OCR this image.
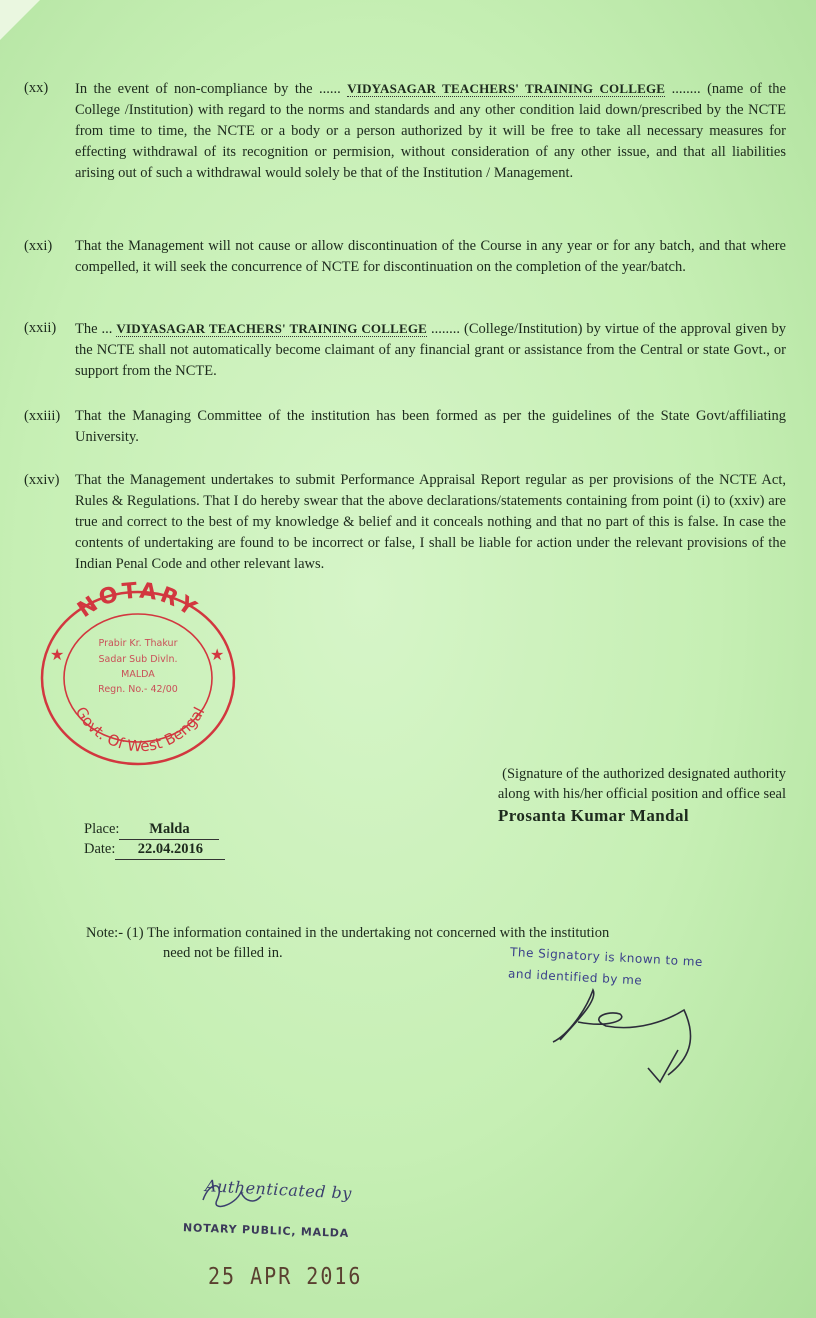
(xx) In the event of non-compliance by the ...... VIDYASAGAR TEACHERS' TRAINING COLLEGE ........ (name of the College /Institution) with regard to the norms and standards and any other condition laid down/prescribed by the NCTE from time to time, the NCTE or a body or a person authorized by it will be free to take all necessary measures for effecting withdrawal of its recognition or permision, without consideration of any other issue, and that all liabilities arising out of such a withdrawal would solely be that of the Institution / Management.
(xxi) That the Management will not cause or allow discontinuation of the Course in any year or for any batch, and that where compelled, it will seek the concurrence of NCTE for discontinuation on the completion of the year/batch.
(xxii) The ... VIDYASAGAR TEACHERS' TRAINING COLLEGE ........ (College/Institution) by virtue of the approval given by the NCTE shall not automatically become claimant of any financial grant or assistance from the Central or state Govt., or support from the NCTE.
(xxiii) That the Managing Committee of the institution has been formed as per the guidelines of the State Govt/affiliating University.
(xxiv) That the Management undertakes to submit Performance Appraisal Report regular as per provisions of the NCTE Act, Rules & Regulations. That I do hereby swear that the above declarations/statements containing from point (i) to (xxiv) are true and correct to the best of my knowledge & belief and it conceals nothing and that no part of this is false. In case the contents of undertaking are found to be incorrect or false, I shall be liable for action under the relevant provisions of the Indian Penal Code and other relevant laws.
NOTARY
Govt. Of West Bengal
★	★
Prabir Kr. Thakur
Sadar Sub Divln.
MALDA
Regn. No.- 42/00
(Signature of the authorized designated authority
along with his/her official position and office seal
Prosanta Kumar Mandal
Place: Malda
Date: 22.04.2016
Note:- (1) The information contained in the undertaking not concerned with the institution
need not be filled in.	The Signatory is known to me
and identified by me
Authenticated by
NOTARY PUBLIC, MALDA
25 APR 2016
